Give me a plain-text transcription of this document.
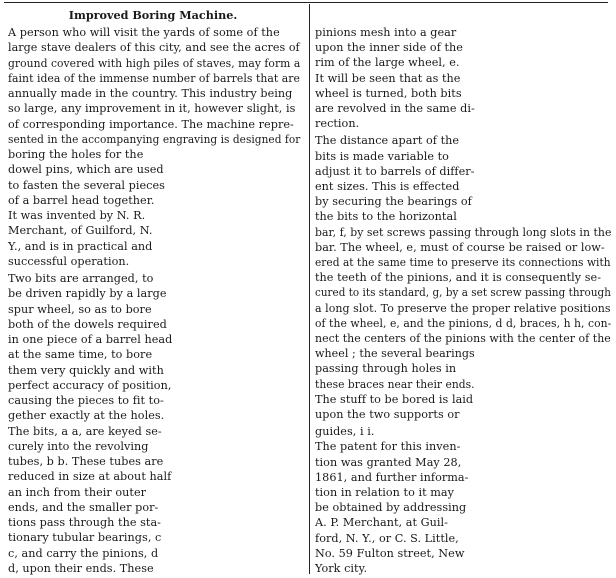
Improved Boring Machine.
A person who will visit the yards of some of the
large stave dealers of this city, and see the acres of
ground covered with high piles of staves, may form a
faint idea of the immense number of barrels that are
annually made in the country. This industry being
so large, any improvement in it, however slight, is
of corresponding importance. The machine repre-
sented in the accompanying engraving is designed for
boring the holes for the
dowel pins, which are used
to fasten the several pieces
of a barrel head together.
It was invented by N. R.
Merchant, of Guilford, N.
Y., and is in practical and
successful operation.
Two bits are arranged, to
be driven rapidly by a large
spur wheel, so as to bore
both of the dowels required
in one piece of a barrel head
at the same time, to bore
them very quickly and with
perfect accuracy of position,
causing the pieces to fit to-
gether exactly at the holes.
The bits, a a, are keyed se-
curely into the revolving
tubes, b b. These tubes are
reduced in size at about half
an inch from their outer
ends, and the smaller por-
tions pass through the sta-
tionary tubular bearings, c
c, and carry the pinions, d
d, upon their ends. These
pinions mesh into a gear
upon the inner side of the
rim of the large wheel, e.
It will be seen that as the
wheel is turned, both bits
are revolved in the same di-
rection.
The distance apart of the
bits is made variable to
adjust it to barrels of differ-
ent sizes. This is effected
by securing the bearings of
the bits to the horizontal
bar, f, by set screws passing through long slots in the
bar. The wheel, e, must of course be raised or low-
ered at the same time to preserve its connections with
the teeth of the pinions, and it is consequently se-
cured to its standard, g, by a set screw passing through
a long slot. To preserve the proper relative positions
of the wheel, e, and the pinions, d d, braces, h h, con-
nect the centers of the pinions with the center of the
wheel ; the several bearings
passing through holes in
these braces near their ends.
The stuff to be bored is laid
upon the two supports or
guides, i i.
The patent for this inven-
tion was granted May 28,
1861, and further informa-
tion in relation to it may
be obtained by addressing
A. P. Merchant, at Guil-
ford, N. Y., or C. S. Little,
No. 59 Fulton street, New
York city.
